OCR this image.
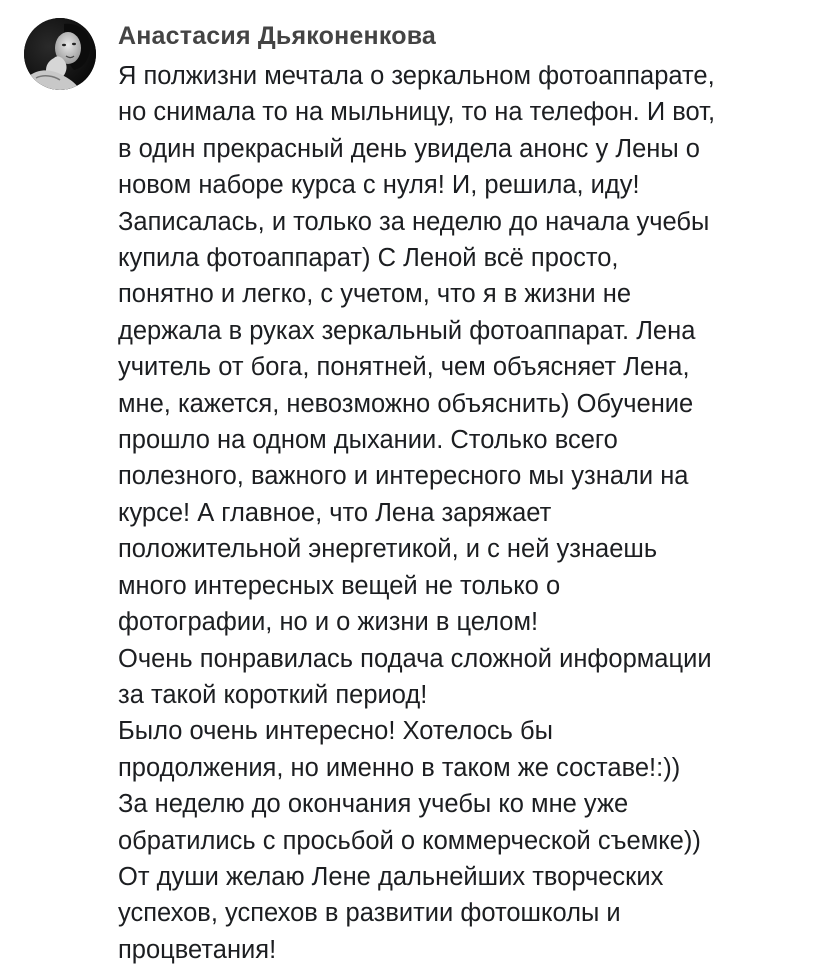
Анастасия Дьяконенкова
Я полжизни мечтала о зеркальном фотоаппарате,
но снимала то на мыльницу, то на телефон. И вот,
в один прекрасный день увидела анонс у Лены о
новом наборе курса с нуля! И, решила, иду!
Записалась, и только за неделю до начала учебы
купила фотоаппарат) С Леной всё просто,
понятно и легко, с учетом, что я в жизни не
держала в руках зеркальный фотоаппарат. Лена
учитель от бога, понятней, чем объясняет Лена,
мне, кажется, невозможно объяснить) Обучение
прошло на одном дыхании. Столько всего
полезного, важного и интересного мы узнали на
курсе! А главное, что Лена заряжает
положительной энергетикой, и с ней узнаешь
много интересных вещей не только о
фотографии, но и о жизни в целом!
Очень понравилась подача сложной информации
за такой короткий период!
Было очень интересно! Хотелось бы
продолжения, но именно в таком же составе!:))
За неделю до окончания учебы ко мне уже
обратились с просьбой о коммерческой съемке))
От души желаю Лене дальнейших творческих
успехов, успехов в развитии фотошколы и
процветания!
